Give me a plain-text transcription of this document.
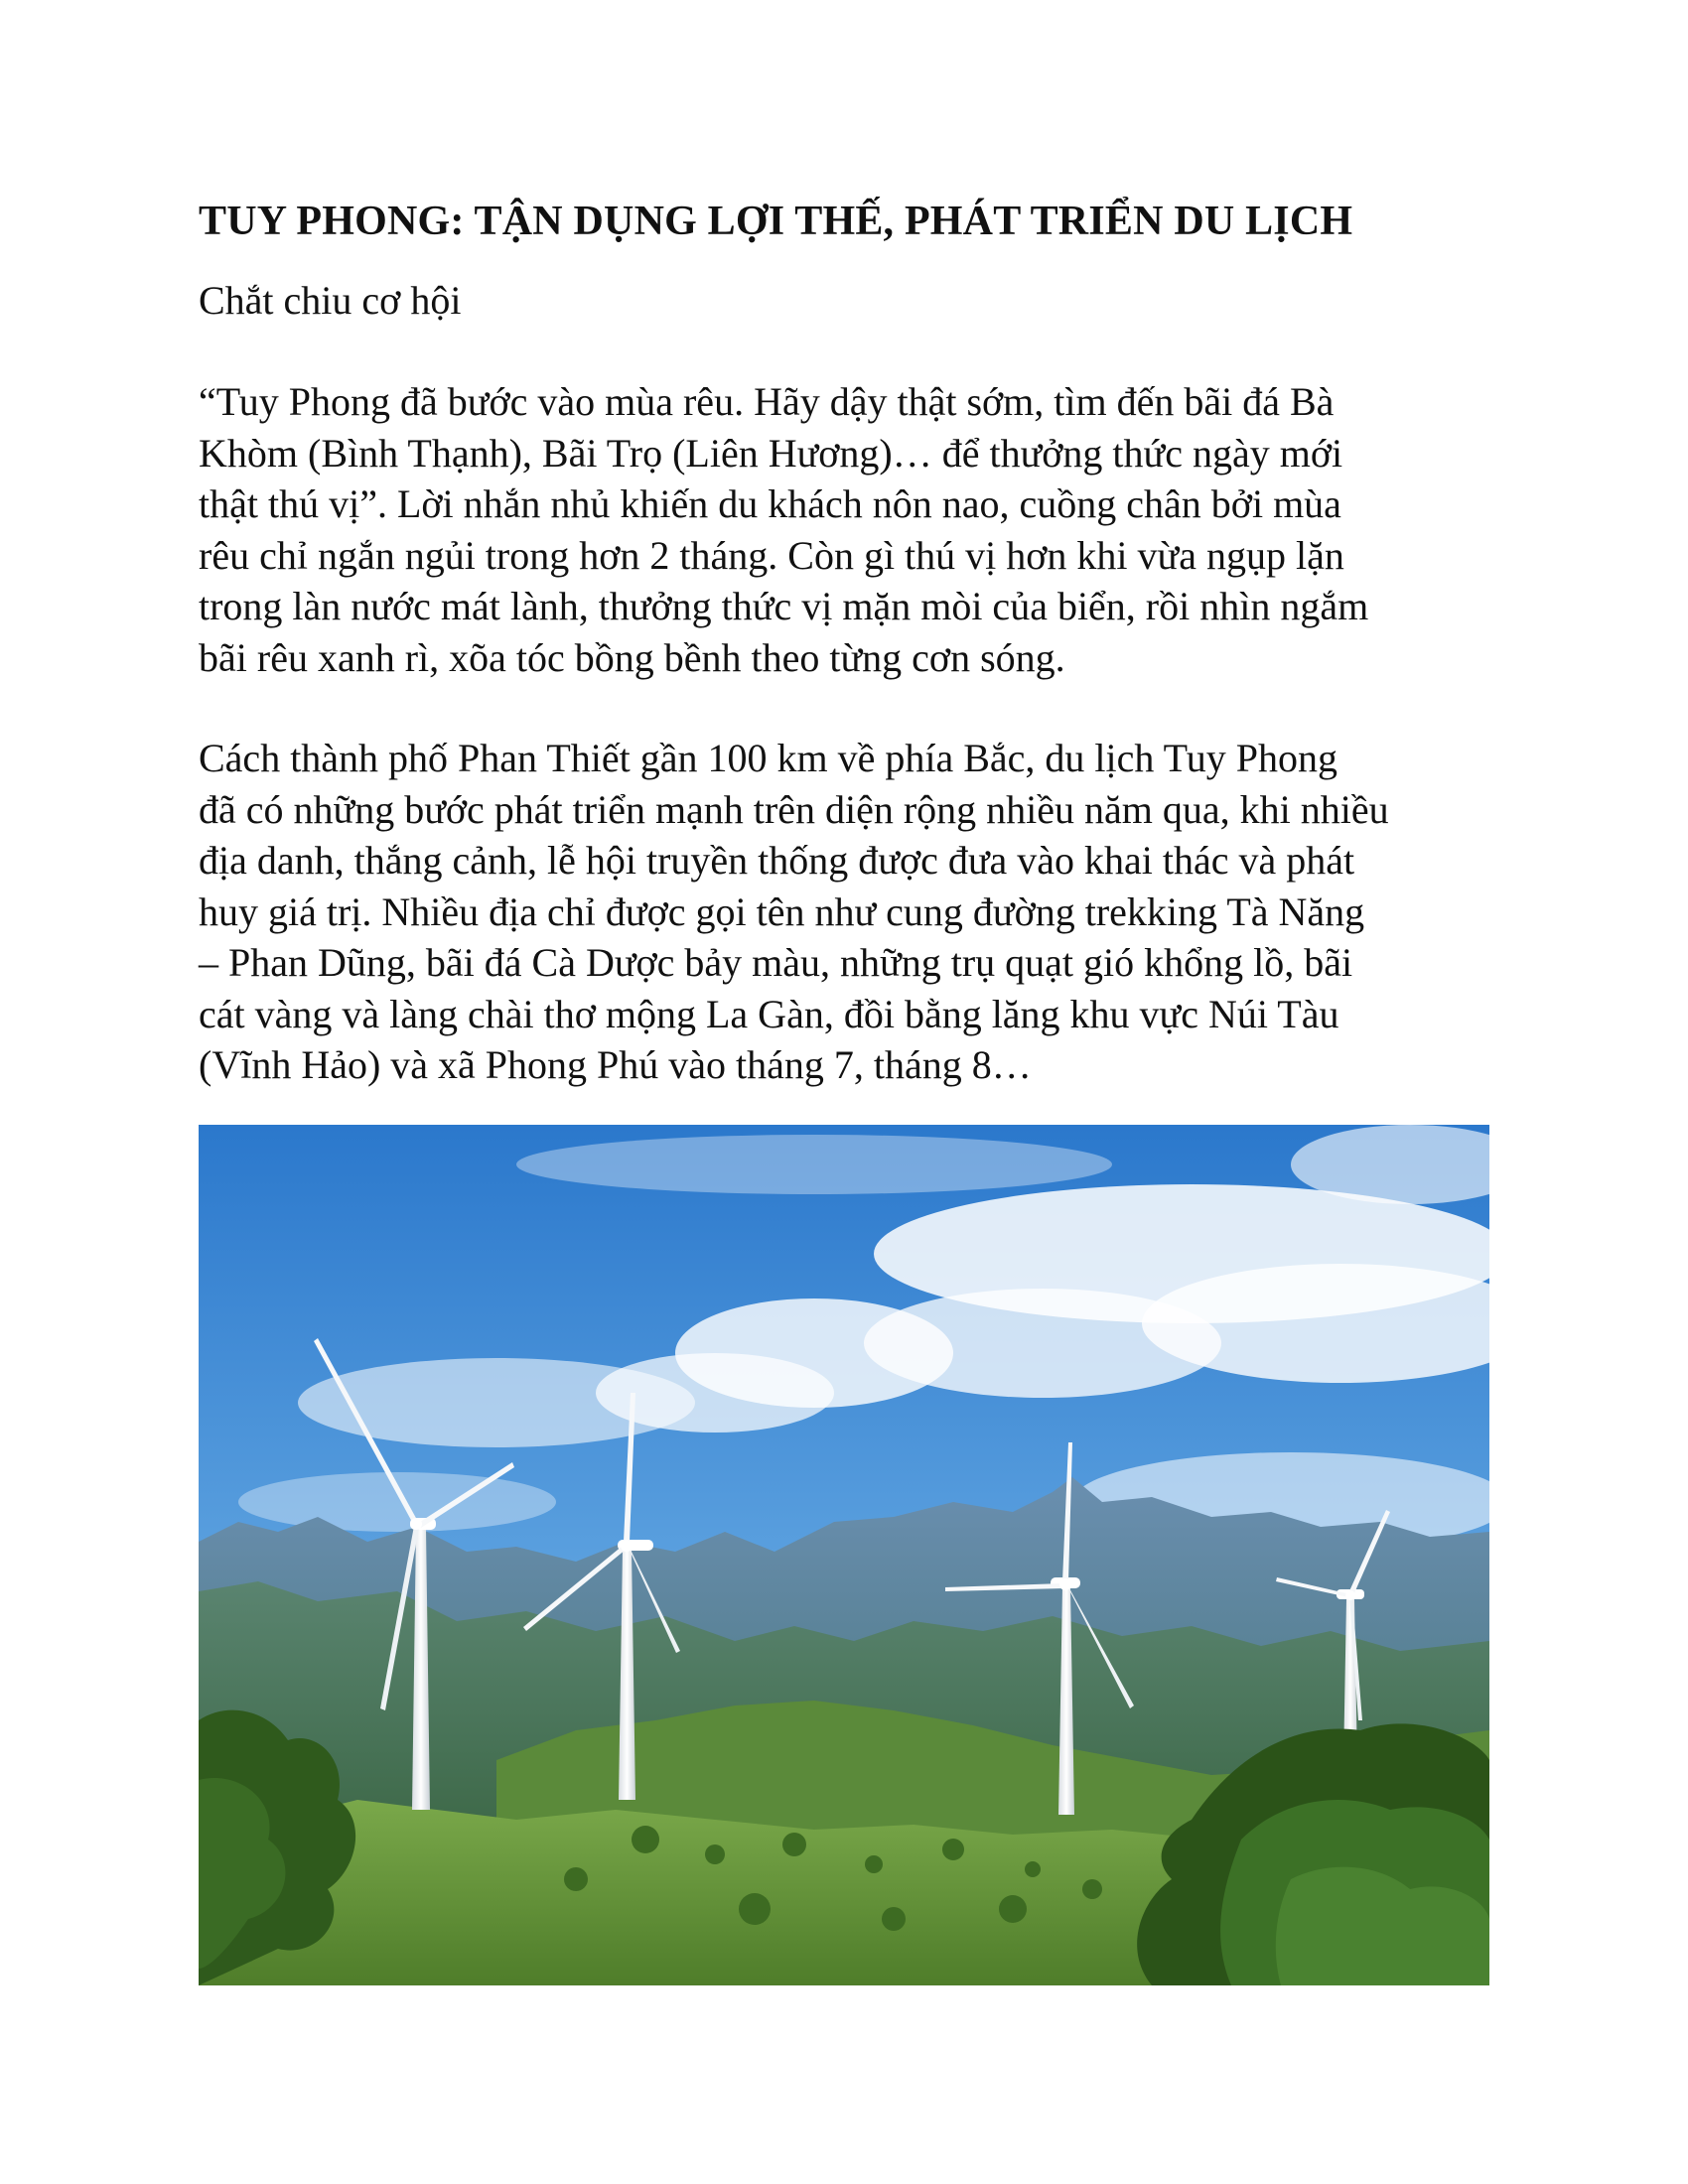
TUY PHONG: TẬN DỤNG LỢI THẾ, PHÁT TRIỂN DU LỊCH

Chắt chiu cơ hội

“Tuy Phong đã bước vào mùa rêu. Hãy dậy thật sớm, tìm đến bãi đá Bà
Khòm (Bình Thạnh), Bãi Trọ (Liên Hương)… để thưởng thức ngày mới
thật thú vị”. Lời nhắn nhủ khiến du khách nôn nao, cuồng chân bởi mùa
rêu chỉ ngắn ngủi trong hơn 2 tháng. Còn gì thú vị hơn khi vừa ngụp lặn
trong làn nước mát lành, thưởng thức vị mặn mòi của biển, rồi nhìn ngắm
bãi rêu xanh rì, xõa tóc bồng bềnh theo từng cơn sóng.

Cách thành phố Phan Thiết gần 100 km về phía Bắc, du lịch Tuy Phong
đã có những bước phát triển mạnh trên diện rộng nhiều năm qua, khi nhiều
địa danh, thắng cảnh, lễ hội truyền thống được đưa vào khai thác và phát
huy giá trị. Nhiều địa chỉ được gọi tên như cung đường trekking Tà Năng
– Phan Dũng, bãi đá Cà Dược bảy màu, những trụ quạt gió khổng lồ, bãi
cát vàng và làng chài thơ mộng La Gàn, đồi bằng lăng khu vực Núi Tàu
(Vĩnh Hảo) và xã Phong Phú vào tháng 7, tháng 8…
